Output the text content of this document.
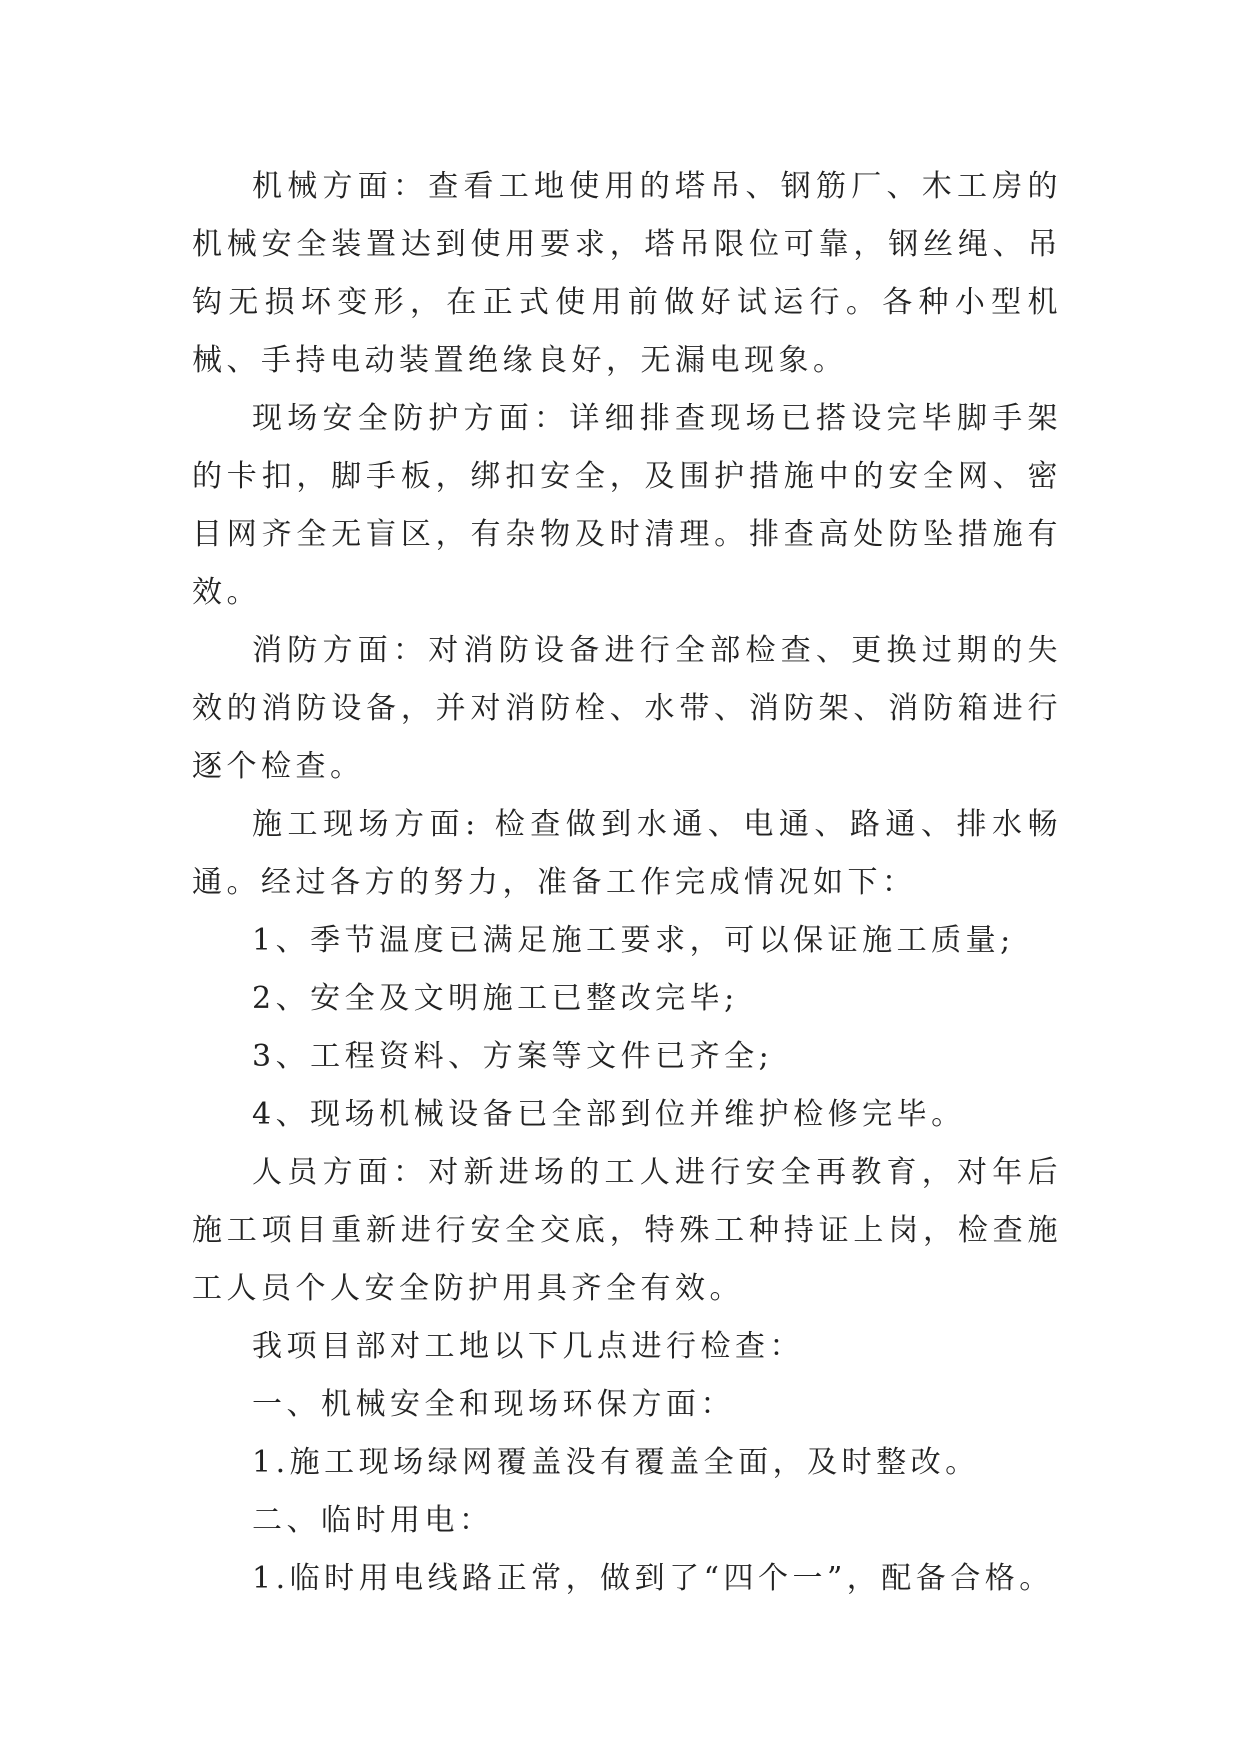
机械方面：查看工地使用的塔吊、钢筋厂、木工房的机械安全装置达到使用要求，塔吊限位可靠，钢丝绳、吊钩无损坏变形，在正式使用前做好试运行。各种小型机械、手持电动装置绝缘良好，无漏电现象。

现场安全防护方面：详细排查现场已搭设完毕脚手架的卡扣，脚手板，绑扣安全，及围护措施中的安全网、密目网齐全无盲区，有杂物及时清理。排查高处防坠措施有效。

消防方面：对消防设备进行全部检查、更换过期的失效的消防设备，并对消防栓、水带、消防架、消防箱进行逐个检查。

施工现场方面: 检查做到水通、电通、路通、排水畅通。经过各方的努力，准备工作完成情况如下：

1、季节温度已满足施工要求，可以保证施工质量;

2、安全及文明施工已整改完毕;

3、工程资料、方案等文件已齐全;

4、现场机械设备已全部到位并维护检修完毕。

人员方面：对新进场的工人进行安全再教育，对年后施工项目重新进行安全交底，特殊工种持证上岗，检查施工人员个人安全防护用具齐全有效。

我项目部对工地以下几点进行检查：

一、机械安全和现场环保方面：

1.施工现场绿网覆盖没有覆盖全面，及时整改。

二、临时用电：

1.临时用电线路正常，做到了“四个一”，配备合格。
